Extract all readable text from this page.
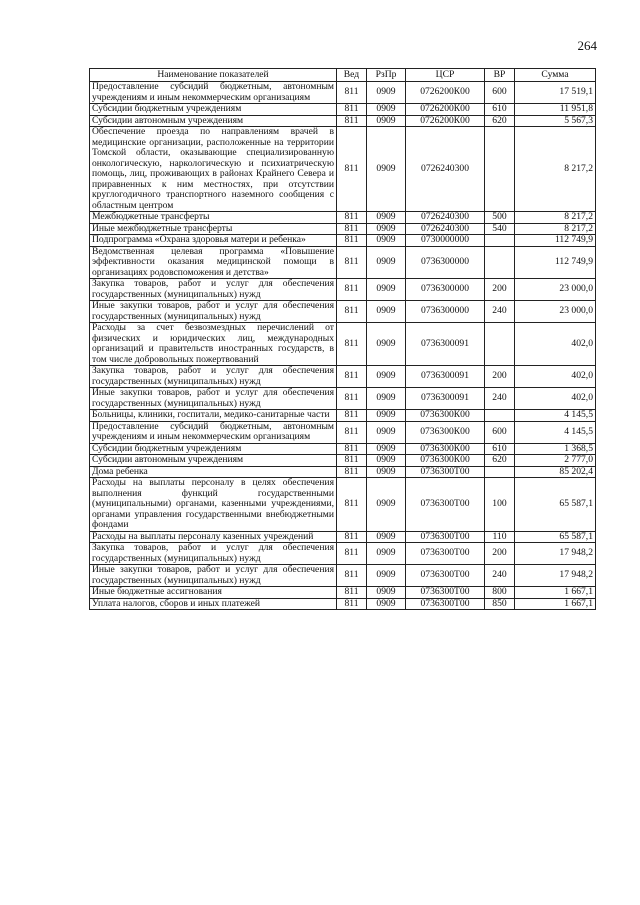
264
Наименование показателей	Вед	РзПр	ЦСР	ВР	Сумма
Предоставление субсидий бюджетным, автономным учреждениям и иным некоммерческим организациям	811	0909	0726200К00	600	17 519,1
Субсидии бюджетным учреждениям	811	0909	0726200К00	610	11 951,8
Субсидии автономным учреждениям	811	0909	0726200К00	620	5 567,3
Обеспечение проезда по направлениям врачей в медицинские организации, расположенные на территории Томской области, оказывающие специализированную онкологическую, наркологическую и психиатрическую помощь, лиц, проживающих в районах Крайнего Севера и приравненных к ним местностях, при отсутствии круглогодичного транспортного наземного сообщения с областным центром	811	0909	0726240300		8 217,2
Межбюджетные трансферты	811	0909	0726240300	500	8 217,2
Иные межбюджетные трансферты	811	0909	0726240300	540	8 217,2
Подпрограмма «Охрана здоровья матери и ребенка»	811	0909	0730000000		112 749,9
Ведомственная целевая программа «Повышение эффективности оказания медицинской помощи в организациях родовспоможения и детства»	811	0909	0736300000		112 749,9
Закупка товаров, работ и услуг для обеспечения государственных (муниципальных) нужд	811	0909	0736300000	200	23 000,0
Иные закупки товаров, работ и услуг для обеспечения государственных (муниципальных) нужд	811	0909	0736300000	240	23 000,0
Расходы за счет безвозмездных перечислений от физических и юридических лиц, международных организаций и правительств иностранных государств, в том числе добровольных пожертвований	811	0909	0736300091		402,0
Закупка товаров, работ и услуг для обеспечения государственных (муниципальных) нужд	811	0909	0736300091	200	402,0
Иные закупки товаров, работ и услуг для обеспечения государственных (муниципальных) нужд	811	0909	0736300091	240	402,0
Больницы, клиники, госпитали, медико-санитарные части	811	0909	0736300К00		4 145,5
Предоставление субсидий бюджетным, автономным учреждениям и иным некоммерческим организациям	811	0909	0736300К00	600	4 145,5
Субсидии бюджетным учреждениям	811	0909	0736300К00	610	1 368,5
Субсидии автономным учреждениям	811	0909	0736300К00	620	2 777,0
Дома ребенка	811	0909	0736300Т00		85 202,4
Расходы на выплаты персоналу в целях обеспечения выполнения функций государственными (муниципальными) органами, казенными учреждениями, органами управления государственными внебюджетными фондами	811	0909	0736300Т00	100	65 587,1
Расходы на выплаты персоналу казенных учреждений	811	0909	0736300Т00	110	65 587,1
Закупка товаров, работ и услуг для обеспечения государственных (муниципальных) нужд	811	0909	0736300Т00	200	17 948,2
Иные закупки товаров, работ и услуг для обеспечения государственных (муниципальных) нужд	811	0909	0736300Т00	240	17 948,2
Иные бюджетные ассигнования	811	0909	0736300Т00	800	1 667,1
Уплата налогов, сборов и иных платежей	811	0909	0736300Т00	850	1 667,1
